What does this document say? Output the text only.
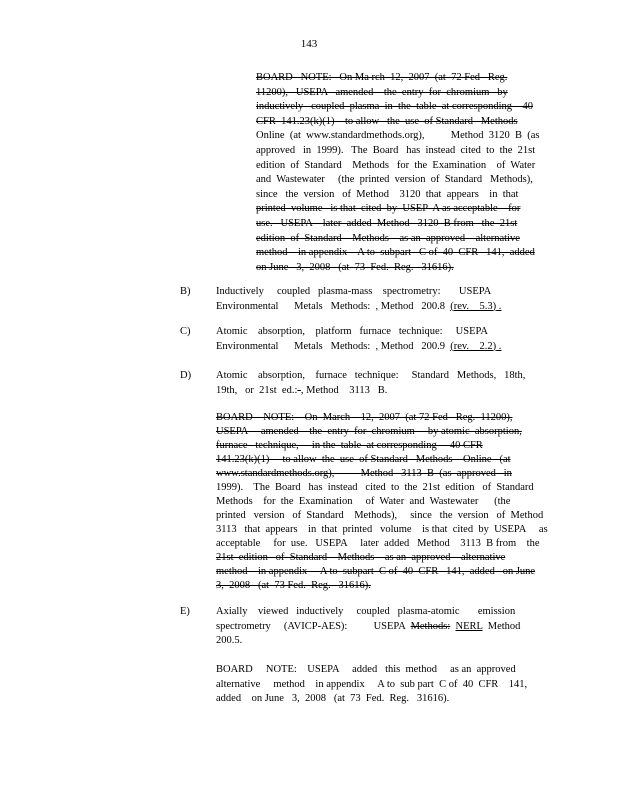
143
BOARD   NOTE:   On Ma rch  12,  2007  (at  72 Fed   Reg.
11200),   USEPA   amended    the  entry  for  chromium   by
inductively   coupled  plasma  in  the  table  at corresponding    40
CFR  141.23(k)(1)    to allow   the  use  of Standard   Methods
Online  (at  www.standardmethods.org),          Method  3120  B  (as
approved   in  1999).   The  Board   has  instead  cited  to  the  21st
edition  of  Standard    Methods   for  the  Examination    of  Water
and  Wastewater     (the  printed  version  of  Standard   Methods),
since   the  version   of  Method    3120  that  appears    in  that
printed  volume   is that  cited  by  USEP  A as acceptable    for
use.   USEPA    later  added  Method   3120  B from   the  21st
edition  of  Standard    Methods    as an  approved    alternative
method    in appendix    A to  subpart   C of  40  CFR   141,  added
on June   3,  2008   (at  73  Fed.  Reg.   31616).
B) Inductively     coupled   plasma-mass    spectrometry:       USEPA
Environmental      Metals   Methods:  , Method   200.8  (rev.    5.3) .
C) Atomic    absorption,    platform   furnace   technique:     USEPA
Environmental      Metals   Methods:  , Method   200.9  (rev.    2.2) .
D) Atomic    absorption,    furnace   technique:     Standard   Methods,   18th,
19th,   or  21st  ed.:-, Method    3113   B.
BOARD    NOTE:    On  March    12,  2007  (at 72 Fed   Reg.  11200),
USEPA     amended    the  entry  for  chromium     by atomic  absorption,
furnace   technique,     in the  table  at corresponding     40 CFR
141.23(k)(1)     to allow  the  use  of Standard   Methods    Online   (at
www.standardmethods.org),          Method   3113  B  (as  approved   in
1999).    The  Board   has  instead   cited  to  the  21st  edition   of  Standard
Methods    for  the  Examination     of  Water  and  Wastewater      (the
printed   version   of  Standard    Methods),     since   the  version   of  Method
3113   that  appears    in  that  printed   volume    is that  cited  by  USEPA     as
acceptable     for  use.   USEPA     later  added   Method    3113  B from    the
21st  edition   of  Standard    Methods    as an  approved    alternative
method    in appendix     A to  subpart  C of  40  CFR   141,  added   on June
3,  2008   (at  73 Fed.  Reg.   31616).
E) Axially    viewed   inductively     coupled   plasma-atomic       emission
spectrometry     (AVICP-AES):          USEPA  Methods: NERL  Method
200.5.
BOARD     NOTE:    USEPA     added   this  method     as an  approved
alternative     method    in appendix     A to  sub part  C of  40  CFR    141,
added    on June   3,  2008   (at  73  Fed.  Reg.   31616).
